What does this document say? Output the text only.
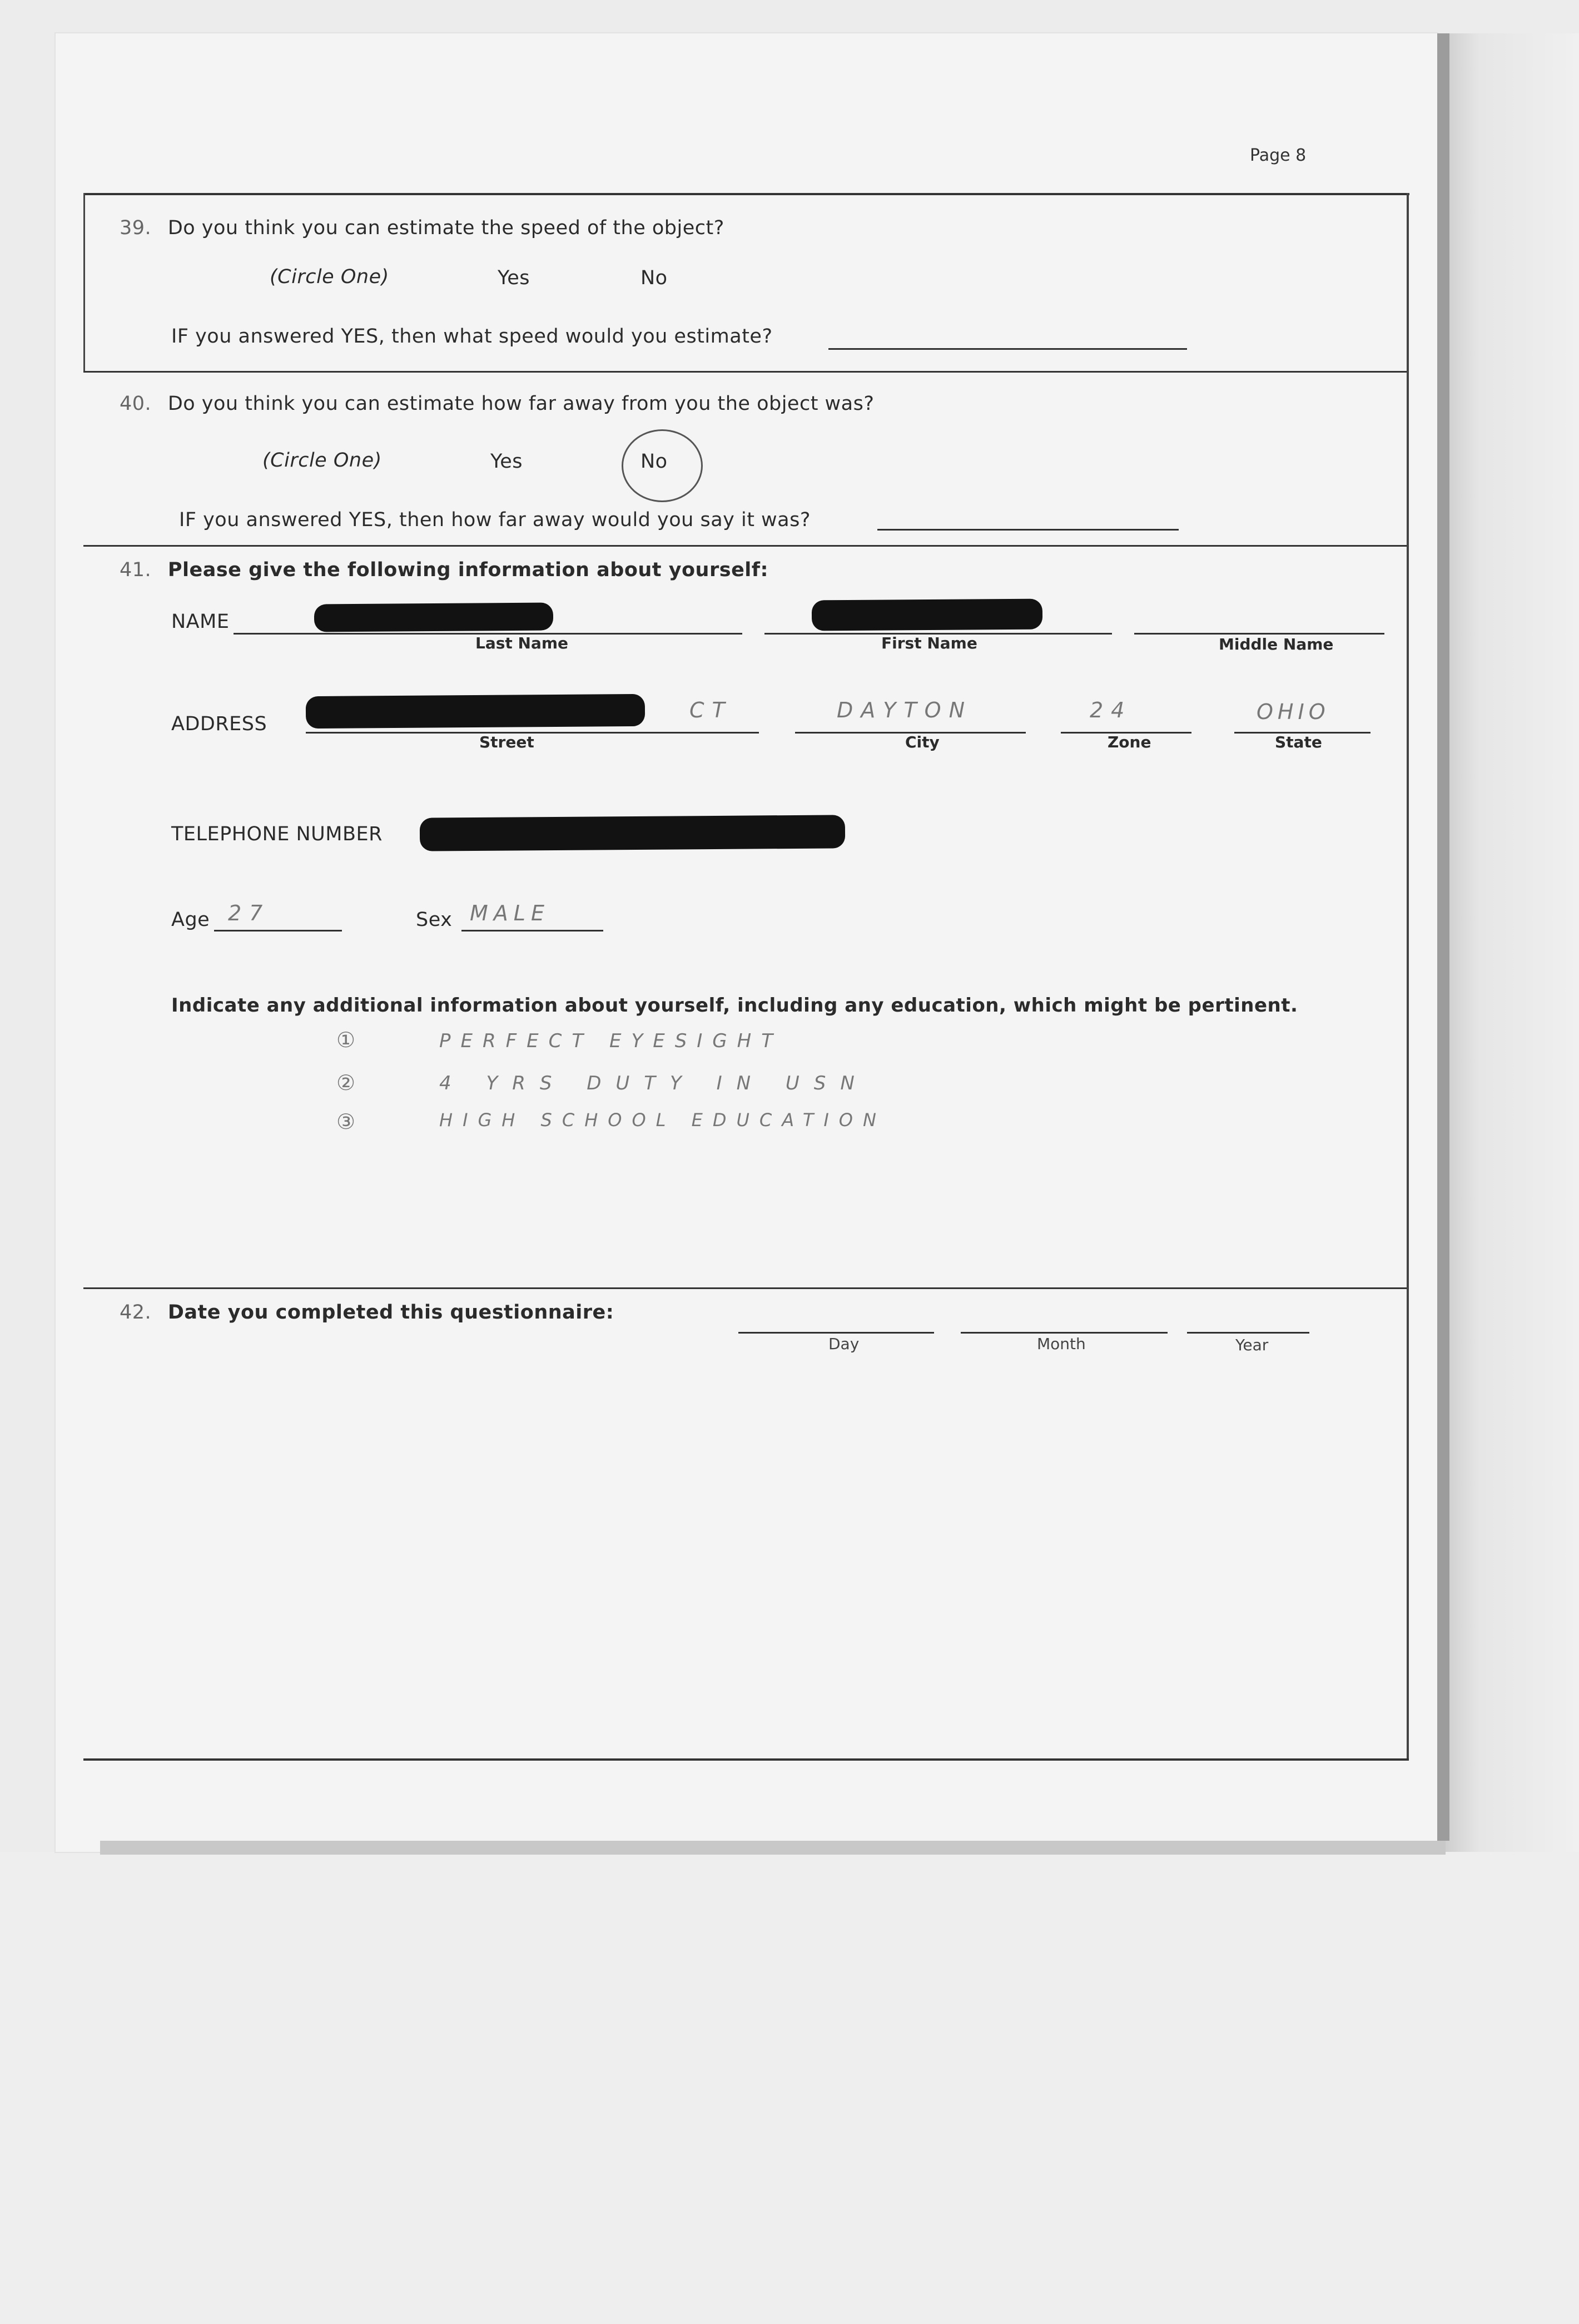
Page 8
39. Do you think you can estimate the speed of the object?
(Circle One)	Yes	No
IF you answered YES, then what speed would you estimate?
40. Do you think you can estimate how far away from you the object was?
(Circle One)	Yes	No
IF you answered YES, then how far away would you say it was?
41. Please give the following information about yourself:
NAME
Last Name	First Name	Middle Name
ADDRESS
CT	DAYTON	24	OHIO
Street	City	Zone	State
TELEPHONE NUMBER
Age 27	Sex MALE
Indicate any additional information about yourself, including any education, which might be pertinent.
①	PERFECT EYESIGHT
②	4 YRS DUTY IN USN
③	HIGH SCHOOL EDUCATION
42. Date you completed this questionnaire:
Day	Month	Year
